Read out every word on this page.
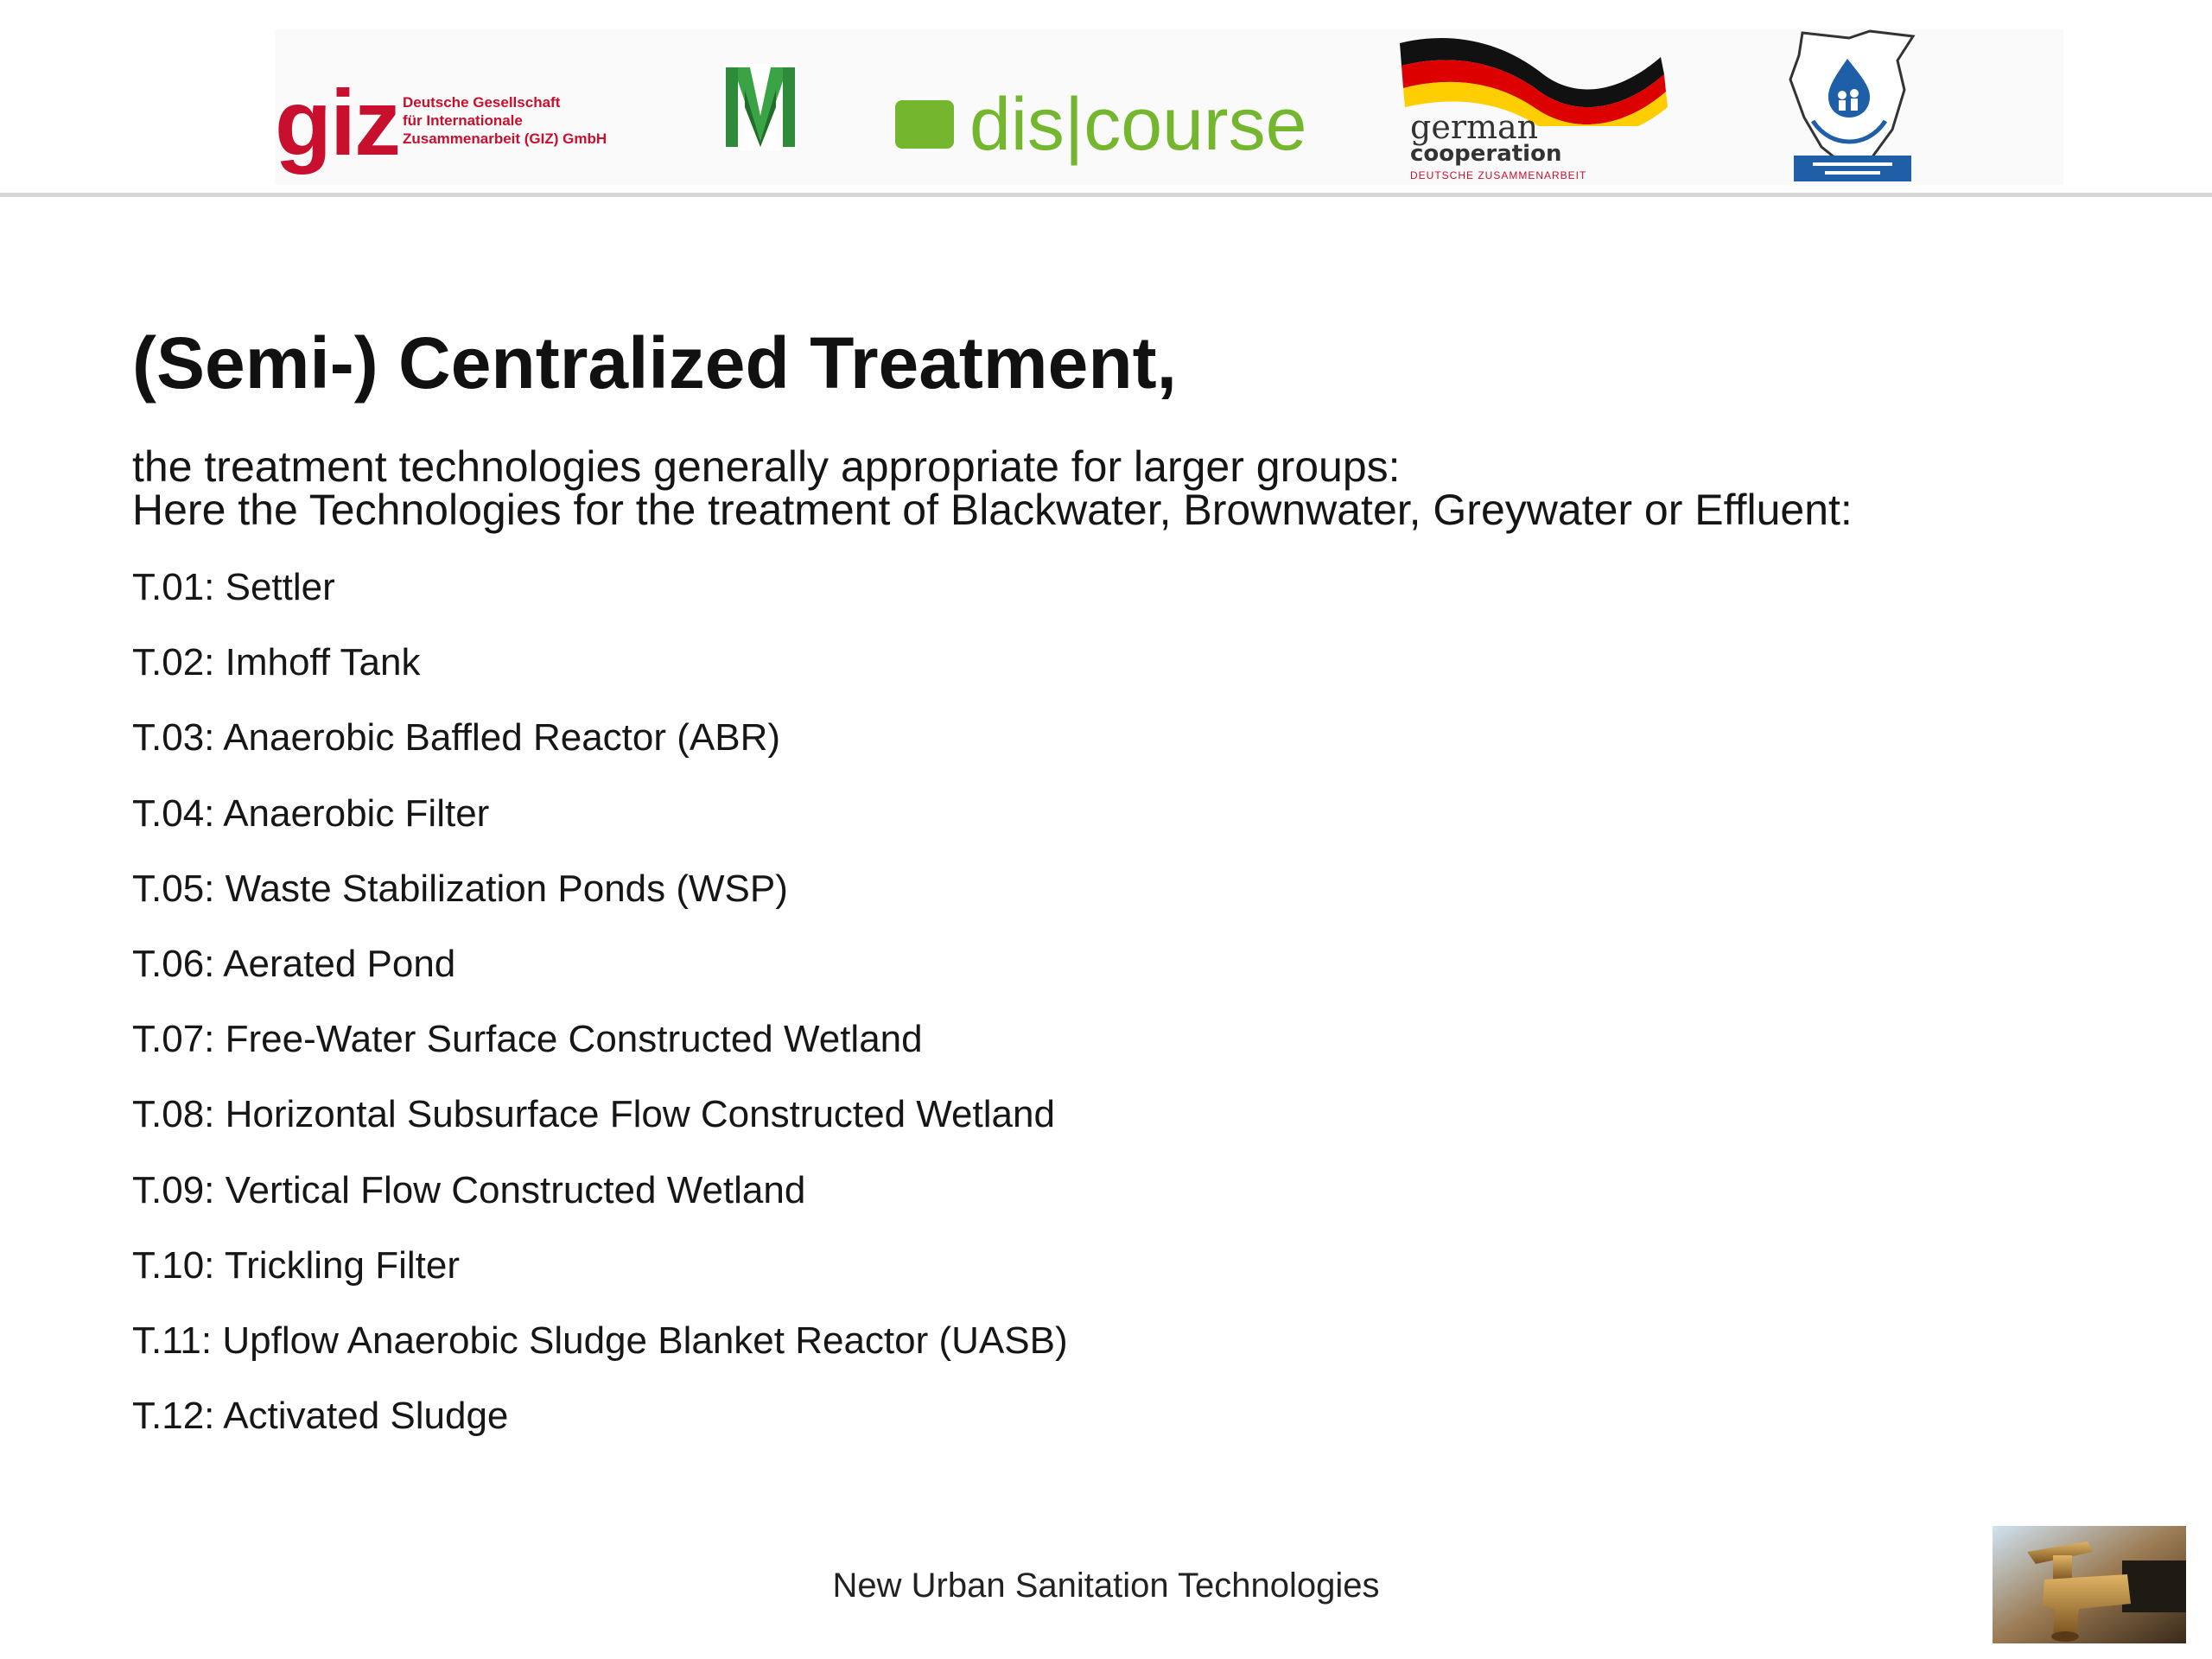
giz Deutsche Gesellschaft
für Internationale
Zusammenarbeit (GIZ) GmbH	dis|course	german
cooperation
DEUTSCHE ZUSAMMENARBEIT
(Semi-) Centralized Treatment,

the treatment technologies generally appropriate for larger groups:

Here the Technologies for the treatment of Blackwater, Brownwater, Greywater or Effluent:

T.01: Settler
T.02: Imhoff Tank
T.03: Anaerobic Baffled Reactor (ABR)
T.04: Anaerobic Filter
T.05: Waste Stabilization Ponds (WSP)
T.06: Aerated Pond
T.07: Free-Water Surface Constructed Wetland
T.08: Horizontal Subsurface Flow Constructed Wetland
T.09: Vertical Flow Constructed Wetland
T.10: Trickling Filter
T.11: Upflow Anaerobic Sludge Blanket Reactor (UASB)
T.12: Activated Sludge
New Urban Sanitation Technologies
